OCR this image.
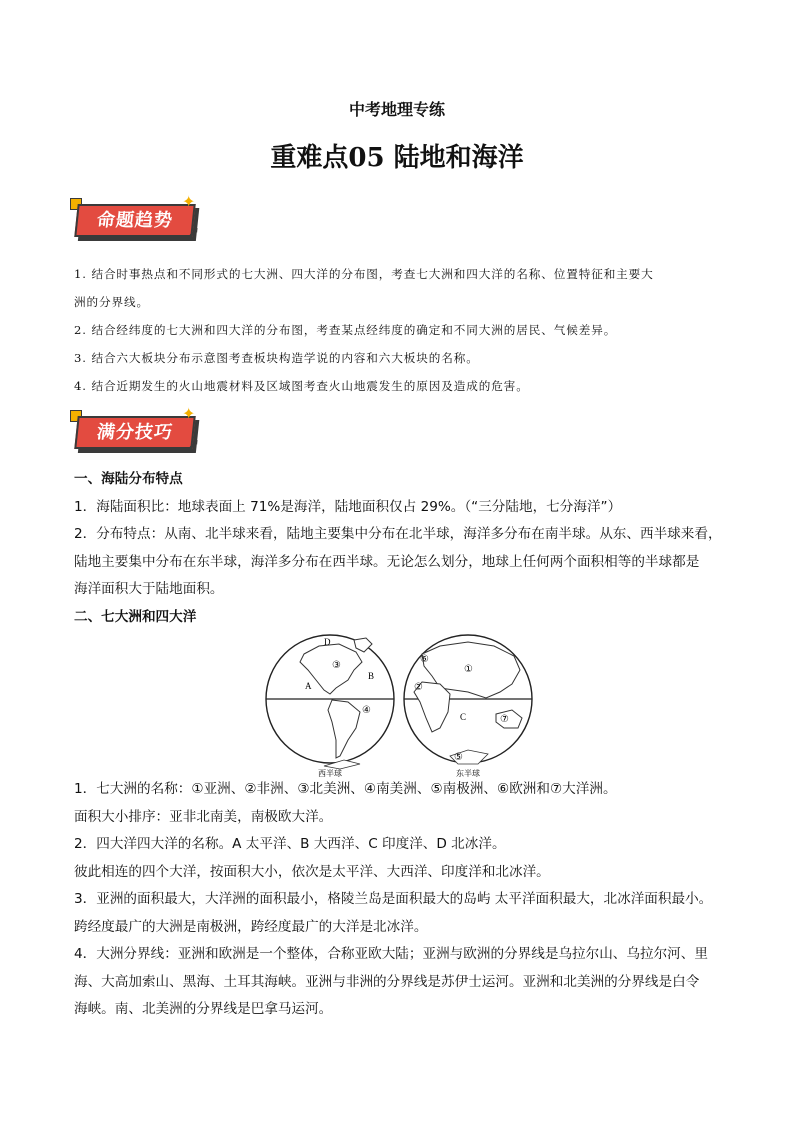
中考地理专练
重难点05 陆地和海洋
命题趋势
✦
➚

1. 结合时事热点和不同形式的七大洲、四大洋的分布图，考查七大洲和四大洋的名称、位置特征和主要大

洲的分界线。

2. 结合经纬度的七大洲和四大洋的分布图，考查某点经纬度的确定和不同大洲的居民、气候差异。

3. 结合六大板块分布示意图考查板块构造学说的内容和六大板块的名称。

4. 结合近期发生的火山地震材料及区域图考查火山地震发生的原因及造成的危害。

满分技巧
✦
➚

一、海陆分布特点

1．海陆面积比：地球表面上 71%是海洋，陆地面积仅占 29%。（“三分陆地，七分海洋”）

2．分布特点：从南、北半球来看，陆地主要集中分布在北半球，海洋多分布在南半球。从东、西半球来看，

陆地主要集中分布在东半球，海洋多分布在西半球。无论怎么划分，地球上任何两个面积相等的半球都是

海洋面积大于陆地面积。

二、七大洲和四大洋

A
B
C
D
①
②
③
④
⑤
⑥
⑦
西半球	东半球

1．七大洲的名称：①亚洲、②非洲、③北美洲、④南美洲、⑤南极洲、⑥欧洲和⑦大洋洲。

面积大小排序：亚非北南美，南极欧大洋。

2．四大洋四大洋的名称。A 太平洋、B 大西洋、C 印度洋、D 北冰洋。

彼此相连的四个大洋，按面积大小，依次是太平洋、大西洋、印度洋和北冰洋。

3．亚洲的面积最大，大洋洲的面积最小，格陵兰岛是面积最大的岛屿 太平洋面积最大，北冰洋面积最小。

跨经度最广的大洲是南极洲，跨经度最广的大洋是北冰洋。

4．大洲分界线：亚洲和欧洲是一个整体，合称亚欧大陆；亚洲与欧洲的分界线是乌拉尔山、乌拉尔河、里

海、大高加索山、黑海、土耳其海峡。亚洲与非洲的分界线是苏伊士运河。亚洲和北美洲的分界线是白令

海峡。南、北美洲的分界线是巴拿马运河。
